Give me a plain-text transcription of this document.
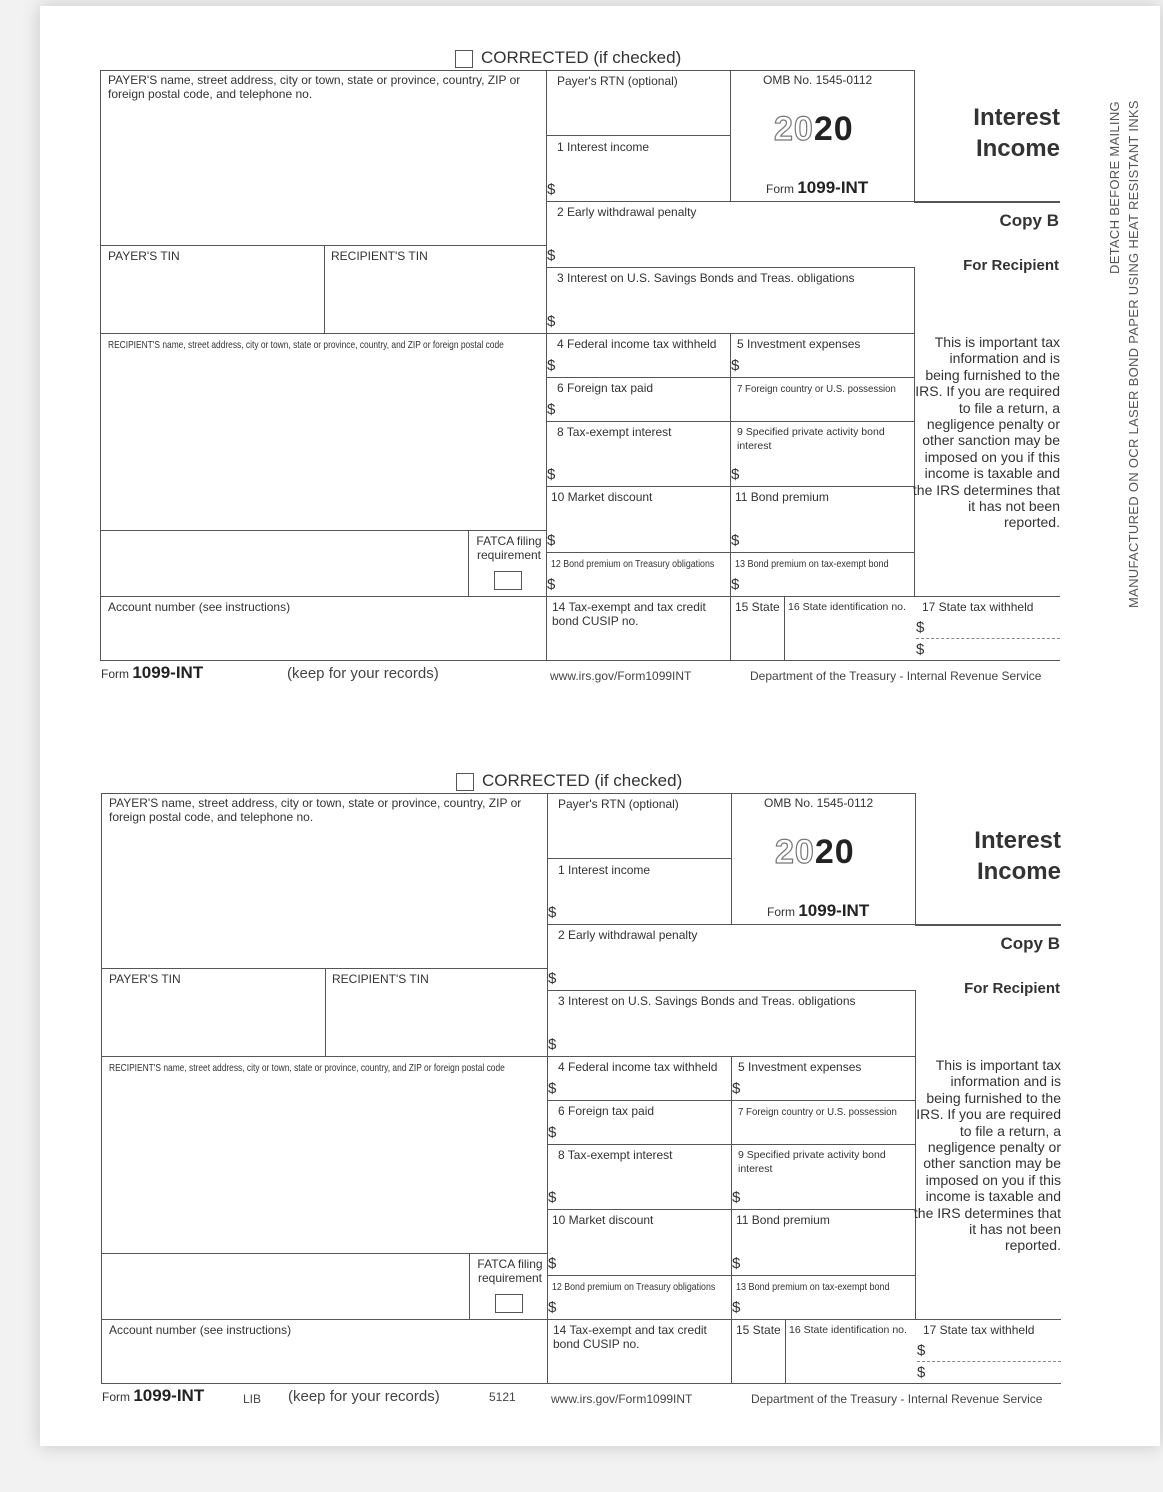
DETACH BEFORE MAILING MANUFACTURED ON OCR LASER BOND PAPER USING HEAT RESISTANT INKS
CORRECTED (if checked)
PAYER'S name, street address, city or town, state or province, country, ZIP or foreign postal code, and telephone no.
Payer's RTN (optional)	OMB No. 1545-0112
2020
Form 1099-INT
Interest Income
Copy B
For Recipient
This is important tax information and is being furnished to the IRS. If you are required to file a return, a negligence penalty or other sanction may be imposed on you if this income is taxable and the IRS determines that it has not been reported.
1 Interest income
$
2 Early withdrawal penalty
$
PAYER'S TIN	RECIPIENT'S TIN
3 Interest on U.S. Savings Bonds and Treas. obligations
$
RECIPIENT'S name, street address, city or town, state or province, country, and ZIP or foreign postal code	4 Federal income tax withheld
$
5 Investment expenses
$
6 Foreign tax paid
$
7 Foreign country or U.S. possession
8 Tax-exempt interest
$
9 Specified private activity bond interest
$
10 Market discount
$
11 Bond premium
$
FATCA filing requirement
12 Bond premium on Treasury obligations
$
13 Bond premium on tax-exempt bond
$
Account number (see instructions)	14 Tax-exempt and tax credit bond CUSIP no.
15 State 16 State identification no. 17 State tax withheld
$
$
Form 1099-INT	(keep for your records)	www.irs.gov/Form1099INT	Department of the Treasury - Internal Revenue Service
CORRECTED (if checked)
PAYER'S name, street address, city or town, state or province, country, ZIP or foreign postal code, and telephone no.
Payer's RTN (optional)	OMB No. 1545-0112
2020
Form 1099-INT
Interest Income
Copy B
For Recipient
This is important tax information and is being furnished to the IRS. If you are required to file a return, a negligence penalty or other sanction may be imposed on you if this income is taxable and the IRS determines that it has not been reported.
1 Interest income
$
2 Early withdrawal penalty
$
PAYER'S TIN	RECIPIENT'S TIN
3 Interest on U.S. Savings Bonds and Treas. obligations
$
RECIPIENT'S name, street address, city or town, state or province, country, and ZIP or foreign postal code	4 Federal income tax withheld
$
5 Investment expenses
$
6 Foreign tax paid
$
7 Foreign country or U.S. possession
8 Tax-exempt interest
$
9 Specified private activity bond interest
$
10 Market discount
$
11 Bond premium
$
FATCA filing requirement
12 Bond premium on Treasury obligations
$
13 Bond premium on tax-exempt bond
$
Account number (see instructions)	14 Tax-exempt and tax credit bond CUSIP no.
15 State 16 State identification no. 17 State tax withheld
$
$
Form 1099-INT	LIB (keep for your records)	5121	www.irs.gov/Form1099INT	Department of the Treasury - Internal Revenue Service
